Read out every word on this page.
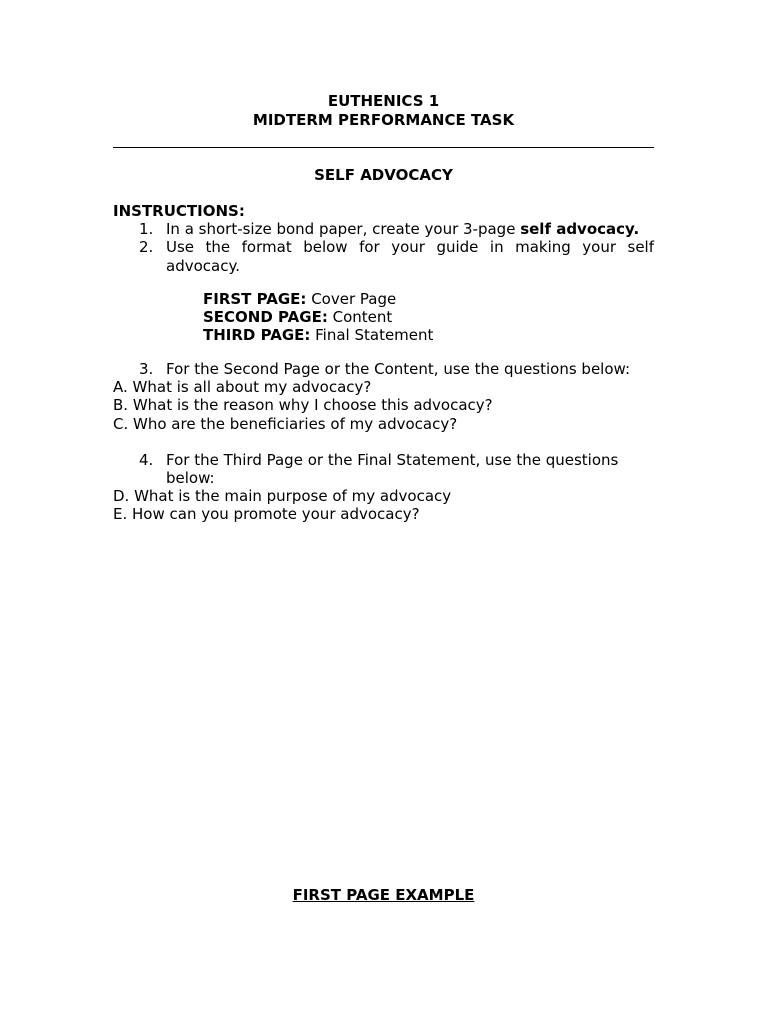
EUTHENICS 1
MIDTERM PERFORMANCE TASK
SELF ADVOCACY
INSTRUCTIONS:
1. In a short-size bond paper, create your 3-page self advocacy.
2. Use the format below for your guide in making your self
advocacy.
FIRST PAGE: Cover Page
SECOND PAGE: Content
THIRD PAGE: Final Statement
3. For the Second Page or the Content, use the questions below:
A. What is all about my advocacy?
B. What is the reason why I choose this advocacy?
C. Who are the beneficiaries of my advocacy?
4. For the Third Page or the Final Statement, use the questions
below:
D. What is the main purpose of my advocacy
E. How can you promote your advocacy?
FIRST PAGE EXAMPLE
